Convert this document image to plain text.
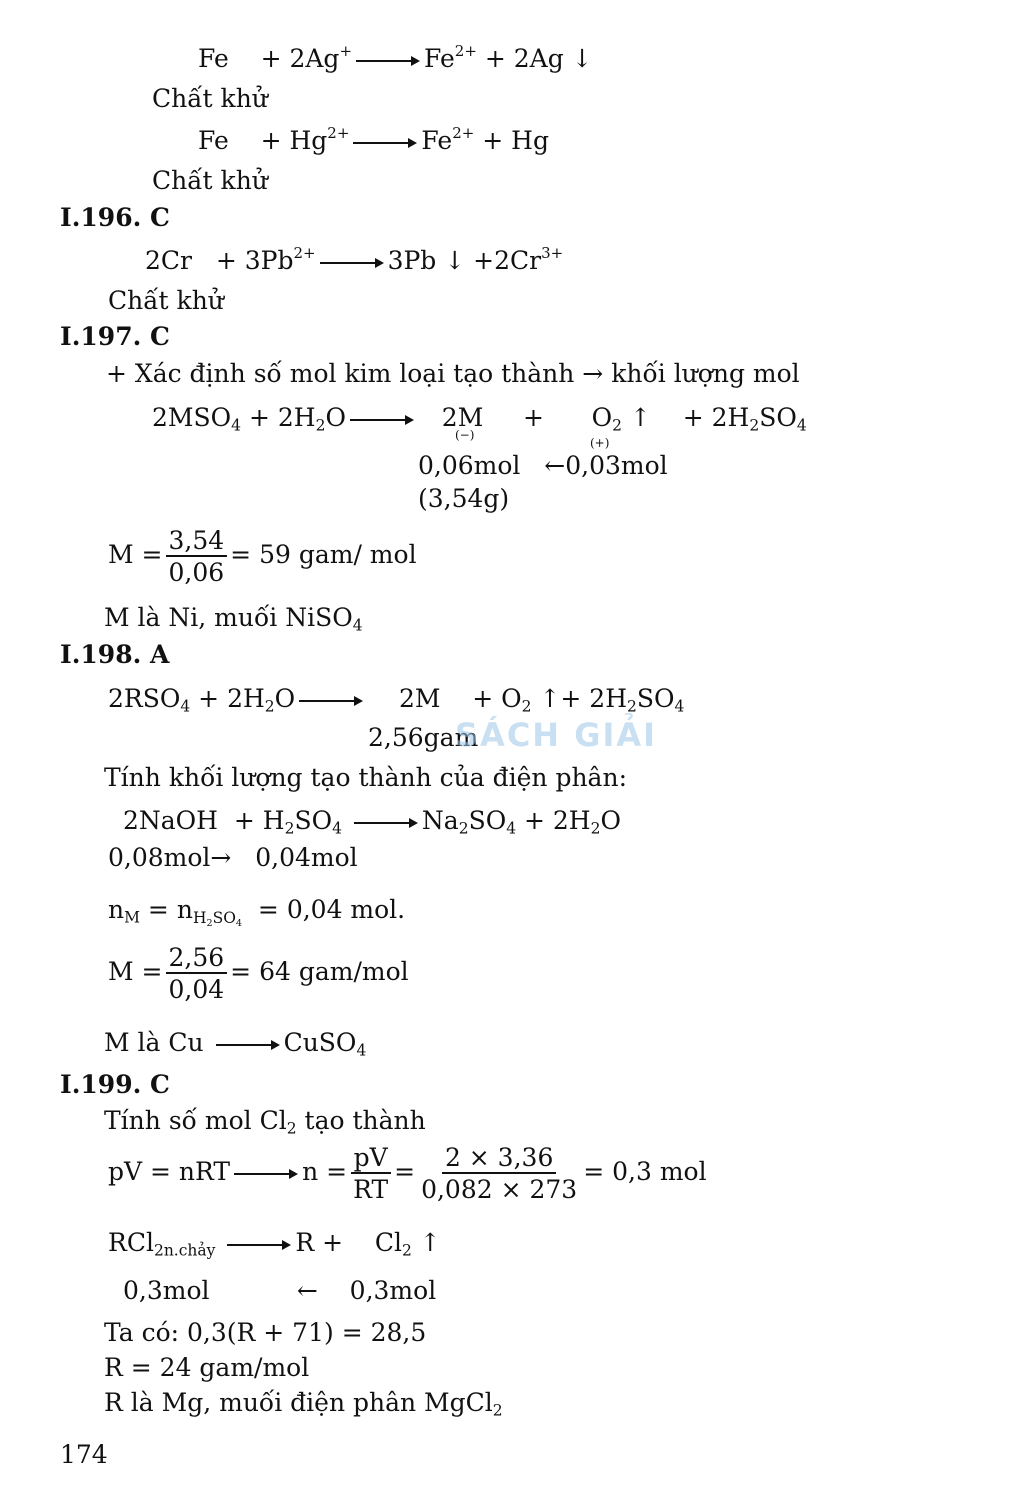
Fe    + 2Ag+	$Fe^{2+} + 2Ag$ ↓
Chất khử
Fe    + $Hg^{2+}$	$Fe^{2+} + Hg$
Chất khử
I.196. C
$2Cr + 3Pb^{2+}$	3Pb ↓ $+2Cr^{3+}$
Chất khử
I.197. C
+ Xác định số mol kim loại tạo thành → khối lượng mol
$2MSO_4 + 2H_2O$	2M     +      $O_2$ ↑    + $2H_2SO_4$
(−)
(+)
0,06mol   ←0,03mol
(3,54g)
$M = \frac{3,54}{0,06} = 59$ gam/ mol
M là Ni, muối NiSO$_4$
I.198. A
$2RSO_4 + 2H_2O$	2M    + $O_2$ ↑+ $2H_2SO_4$
2,56gam
SÁCH GIẢI
Tính khối lượng tạo thành của điện phân:
2NaOH  + $H_2SO_4$	$Na_2SO_4 + 2H_2O$
0,08mol→   0,04mol
$n_M = n_{H_2SO_4} = 0,04$ mol.
$M = \frac{2,56}{0,04} = 64$ gam/mol
M là Cu	CuSO$_4$
I.199. C
Tính số mol $Cl_2$ tạo thành
pV = nRT	$n = \frac{pV}{RT} = \frac{2 \times 3,36}{0,082 \times 273} = 0,3$ mol
RCl$_{2n.chảy}$	R +    $Cl_2$ ↑
0,3mol           ←    0,3mol
Ta có: 0,3(R + 71) = 28,5
R = 24 gam/mol
R là Mg, muối điện phân MgCl$_2$
174
